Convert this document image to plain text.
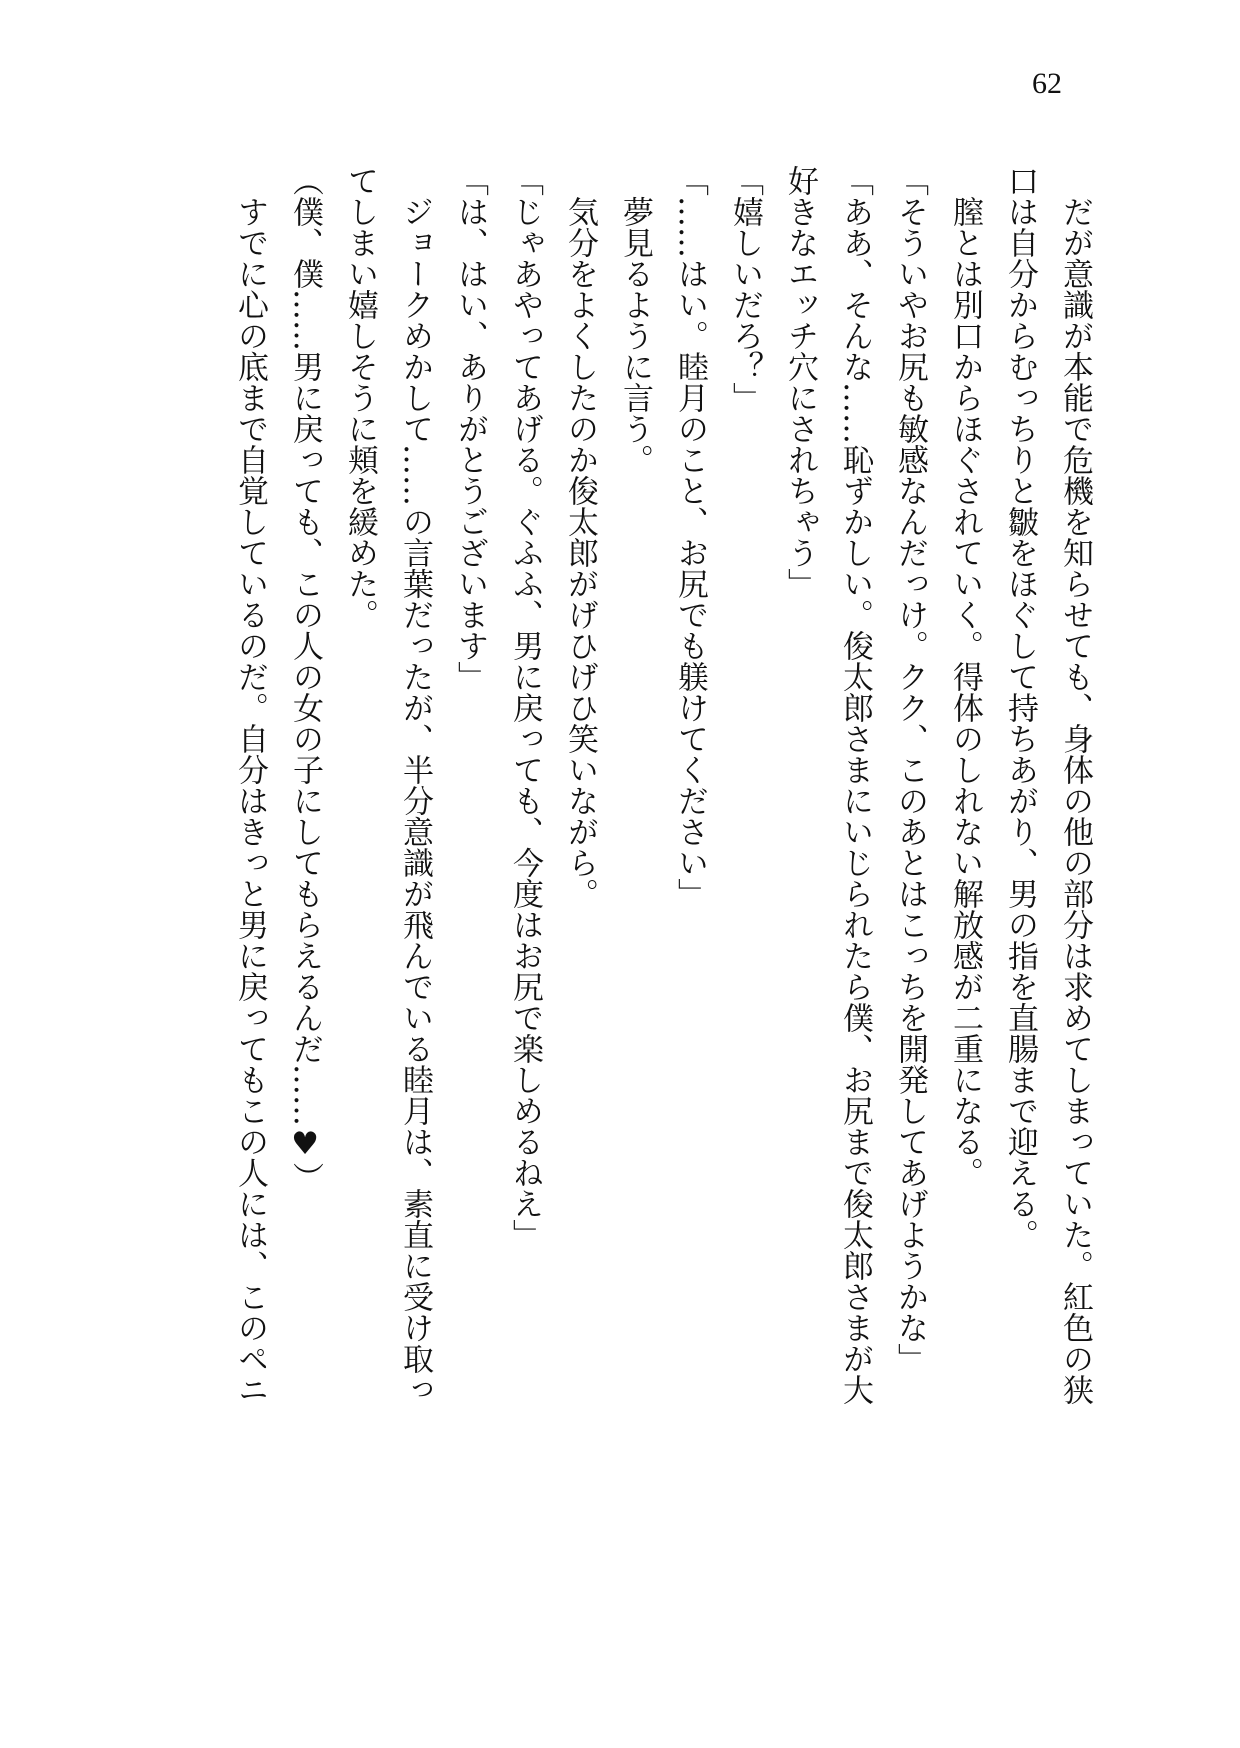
62
　だが意識が本能で危機を知らせても、身体の他の部分は求めてしまっていた。紅色の狭
口は自分からむっちりと皺をほぐして持ちあがり、男の指を直腸まで迎える。
　膣とは別口からほぐされていく。得体のしれない解放感が二重になる。
「そういやお尻も敏感なんだっけ。クク、このあとはこっちを開発してあげようかな」
「ああ、そんな……恥ずかしい。俊太郎さまにいじられたら僕、お尻まで俊太郎さまが大
好きなエッチ穴にされちゃう」
「嬉しいだろ？」
「……はい。睦月のこと、お尻でも躾けてください」
　夢見るように言う。
　気分をよくしたのか俊太郎がげひげひ笑いながら。
「じゃあやってあげる。ぐふふ、男に戻っても、今度はお尻で楽しめるねえ」
「は、はい、ありがとうございます」
　ジョークめかして……の言葉だったが、半分意識が飛んでいる睦月は、素直に受け取っ
てしまい嬉しそうに頬を緩めた。
（僕、僕……男に戻っても、この人の女の子にしてもらえるんだ……♥）
　すでに心の底まで自覚しているのだ。自分はきっと男に戻ってもこの人には、このペニ
